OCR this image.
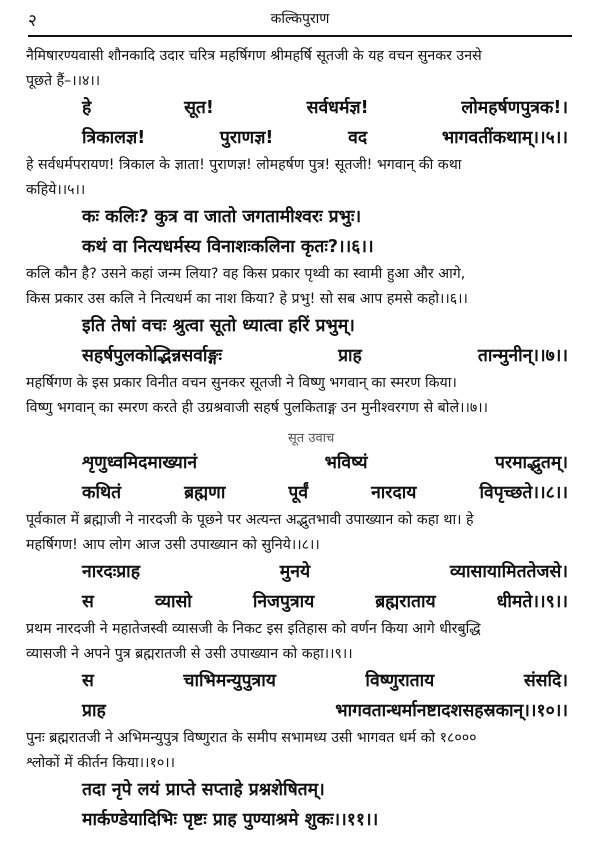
२	कल्किपुराण

नैमिषारण्यवासी शौनकादि उदार चरित्र महर्षिगण श्रीमहर्षि सूतजी के यह वचन सुनकर उनसे

पूछते हैं–।।४।।

हे	सूत!	सर्वधर्मज्ञ!	लोमहर्षणपुत्रक!।
त्रिकालज्ञ!	पुराणज्ञ!	वद	भागवतींकथाम्।।५।।

हे सर्वधर्मपरायण! त्रिकाल के ज्ञाता! पुराणज्ञ! लोमहर्षण पुत्र! सूतजी! भगवान् की कथा

कहिये।।५।।

कः कलिः? कुत्र वा जातो जगतामीश्वरः प्रभुः।
कथं वा नित्यधर्मस्य विनाशःकलिना कृतः?।।६।।

कलि कौन है? उसने कहां जन्म लिया? वह किस प्रकार पृथ्वी का स्वामी हुआ और आगे,

किस प्रकार उस कलि ने नित्यधर्म का नाश किया? हे प्रभु! सो सब आप हमसे कहो।।६।।

इति तेषां वचः श्रुत्वा सूतो ध्यात्वा हरिं प्रभुम्।
सहर्षपुलकोद्भिन्नसर्वाङ्गः	प्राह	तान्मुनीन्।।७।।

महर्षिगण के इस प्रकार विनीत वचन सुनकर सूतजी ने विष्णु भगवान् का स्मरण किया।

विष्णु भगवान् का स्मरण करते ही उग्रश्रवाजी सहर्ष पुलकिताङ्ग उन मुनीश्वरगण से बोले।।७।।

सूत उवाच
शृणुध्वमिदमाख्यानं	भविष्यं	परमाद्भुतम्।
कथितं	ब्रह्मणा	पूर्वं	नारदाय	विपृच्छते।।८।।

पूर्वकाल में ब्रह्माजी ने नारदजी के पूछने पर अत्यन्त अद्भुतभावी उपाख्यान को कहा था। हे

महर्षिगण! आप लोग आज उसी उपाख्यान को सुनिये।।८।।

नारदःप्राह	मुनये	व्यासायामिततेजसे।
स	व्यासो	निजपुत्राय	ब्रह्मराताय	धीमते।।९।।

प्रथम नारदजी ने महातेजस्वी व्यासजी के निकट इस इतिहास को वर्णन किया आगे धीरबुद्धि

व्यासजी ने अपने पुत्र ब्रह्मरातजी से उसी उपाख्यान को कहा।।९।।

स	चाभिमन्युपुत्राय	विष्णुराताय	संसदि।
प्राह	भागवतान्धर्मानष्टादशसहस्रकान्।।१०।।

पुनः ब्रह्मरातजी ने अभिमन्युपुत्र विष्णुरात के समीप सभामध्य उसी भागवत धर्म को १८०००

श्लोकों में कीर्तन किया।।१०।।

तदा नृपे लयं प्राप्ते सप्ताहे प्रश्नशेषितम्।
मार्कण्डेयादिभिः पृष्टः प्राह पुण्याश्रमे शुकः।।११।।
